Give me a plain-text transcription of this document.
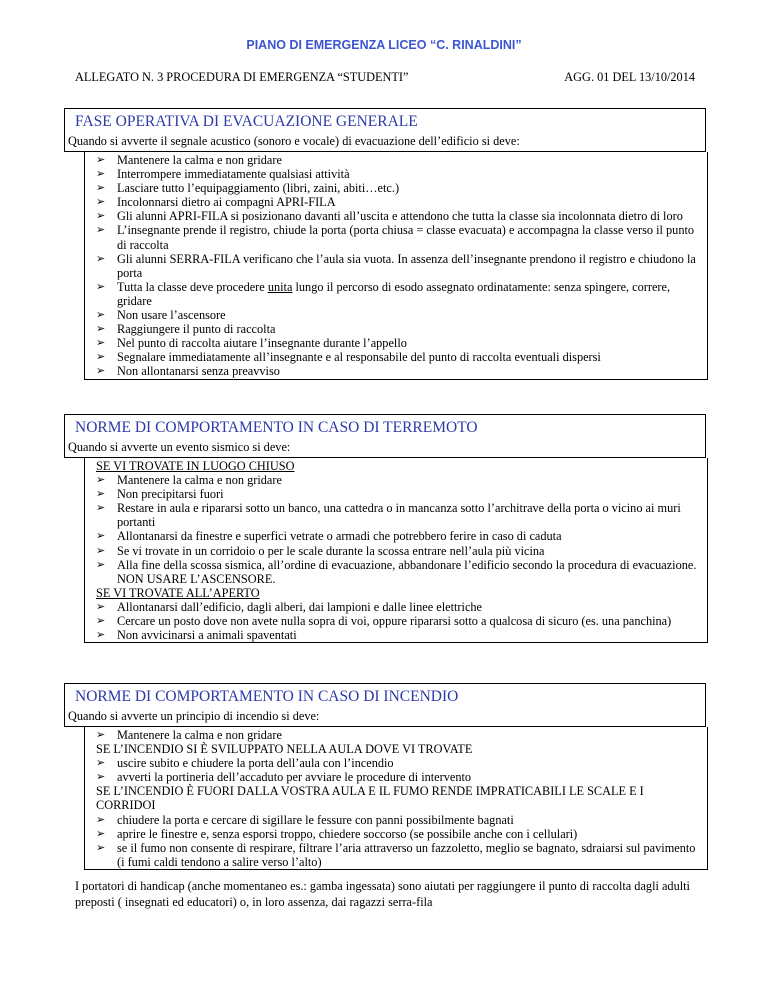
PIANO DI EMERGENZA LICEO “C. RINALDINI”
ALLEGATO N. 3 PROCEDURA DI EMERGENZA “STUDENTI”	AGG. 01 DEL 13/10/2014
FASE OPERATIVA DI EVACUAZIONE GENERALE
Quando si avverte il segnale acustico (sonoro e vocale) di evacuazione dell’edificio si deve:
➢ Mantenere la calma e non gridare
➢ Interrompere immediatamente qualsiasi attività
➢ Lasciare tutto l’equipaggiamento (libri, zaini, abiti…etc.)
➢ Incolonnarsi dietro ai compagni APRI-FILA
➢ Gli alunni APRI-FILA si posizionano davanti all’uscita e attendono che tutta la classe sia incolonnata dietro di loro
➢ L’insegnante prende il registro, chiude la porta (porta chiusa = classe evacuata) e accompagna la classe verso il punto di raccolta
➢ Gli alunni SERRA-FILA verificano che l’aula sia vuota. In assenza dell’insegnante prendono il registro e chiudono la porta
➢ Tutta la classe deve procedere unita lungo il percorso di esodo assegnato ordinatamente: senza spingere, correre, gridare
➢ Non usare l’ascensore
➢ Raggiungere il punto di raccolta
➢ Nel punto di raccolta aiutare l’insegnante durante l’appello
➢ Segnalare immediatamente all’insegnante e al responsabile del punto di raccolta eventuali dispersi
➢ Non allontanarsi senza preavviso
NORME DI COMPORTAMENTO IN CASO DI TERREMOTO
Quando si avverte un evento sismico si deve:
SE VI TROVATE IN LUOGO CHIUSO
➢ Mantenere la calma e non gridare
➢ Non precipitarsi fuori
➢ Restare in aula e ripararsi sotto un banco, una cattedra o in mancanza sotto l’architrave della porta o vicino ai muri portanti
➢ Allontanarsi da finestre e superfici vetrate o armadi che potrebbero ferire in caso di caduta
➢ Se vi trovate in un corridoio o per le scale durante la scossa entrare nell’aula più vicina
➢ Alla fine della scossa sismica, all’ordine di evacuazione, abbandonare l’edificio secondo la procedura di evacuazione. NON USARE L’ASCENSORE.
SE VI TROVATE ALL’APERTO
➢ Allontanarsi dall’edificio, dagli alberi, dai lampioni e dalle linee elettriche
➢ Cercare un posto dove non avete nulla sopra di voi, oppure ripararsi sotto a qualcosa di sicuro (es. una panchina)
➢ Non avvicinarsi a animali spaventati
NORME DI COMPORTAMENTO IN CASO DI INCENDIO
Quando si avverte un principio di incendio si deve:
➢ Mantenere la calma e non gridare
SE L’INCENDIO SI È SVILUPPATO NELLA AULA DOVE VI TROVATE
➢ uscire subito e chiudere la porta dell’aula con l’incendio
➢ avverti la portineria dell’accaduto per avviare le procedure di intervento
SE L’INCENDIO È FUORI DALLA VOSTRA AULA E IL FUMO RENDE IMPRATICABILI LE SCALE E I CORRIDOI
➢ chiudere la porta e cercare di sigillare le fessure con panni possibilmente bagnati
➢ aprire le finestre e, senza esporsi troppo, chiedere soccorso (se possibile anche con i cellulari)
➢ se il fumo non consente di respirare, filtrare l’aria attraverso un fazzoletto, meglio se bagnato, sdraiarsi sul pavimento (i fumi caldi tendono a salire verso l’alto)
I portatori di handicap (anche momentaneo es.: gamba ingessata) sono aiutati per raggiungere il punto di raccolta dagli adulti preposti ( insegnati ed educatori) o, in loro assenza, dai ragazzi serra-fila
